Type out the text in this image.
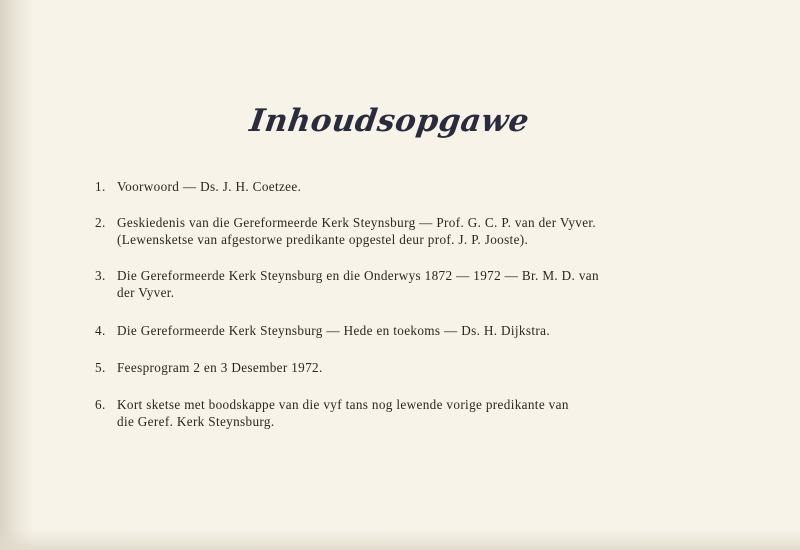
Inhoudsopgawe
1. Voorwoord — Ds. J. H. Coetzee.
2. Geskiedenis van die Gereformeerde Kerk Steynsburg — Prof. G. C. P. van der Vyver.
(Lewensketse van afgestorwe predikante opgestel deur prof. J. P. Jooste).
3. Die Gereformeerde Kerk Steynsburg en die Onderwys 1872 — 1972 — Br. M. D. van
der Vyver.
4. Die Gereformeerde Kerk Steynsburg — Hede en toekoms — Ds. H. Dijkstra.
5. Feesprogram 2 en 3 Desember 1972.
6. Kort sketse met boodskappe van die vyf tans nog lewende vorige predikante van
die Geref. Kerk Steynsburg.
